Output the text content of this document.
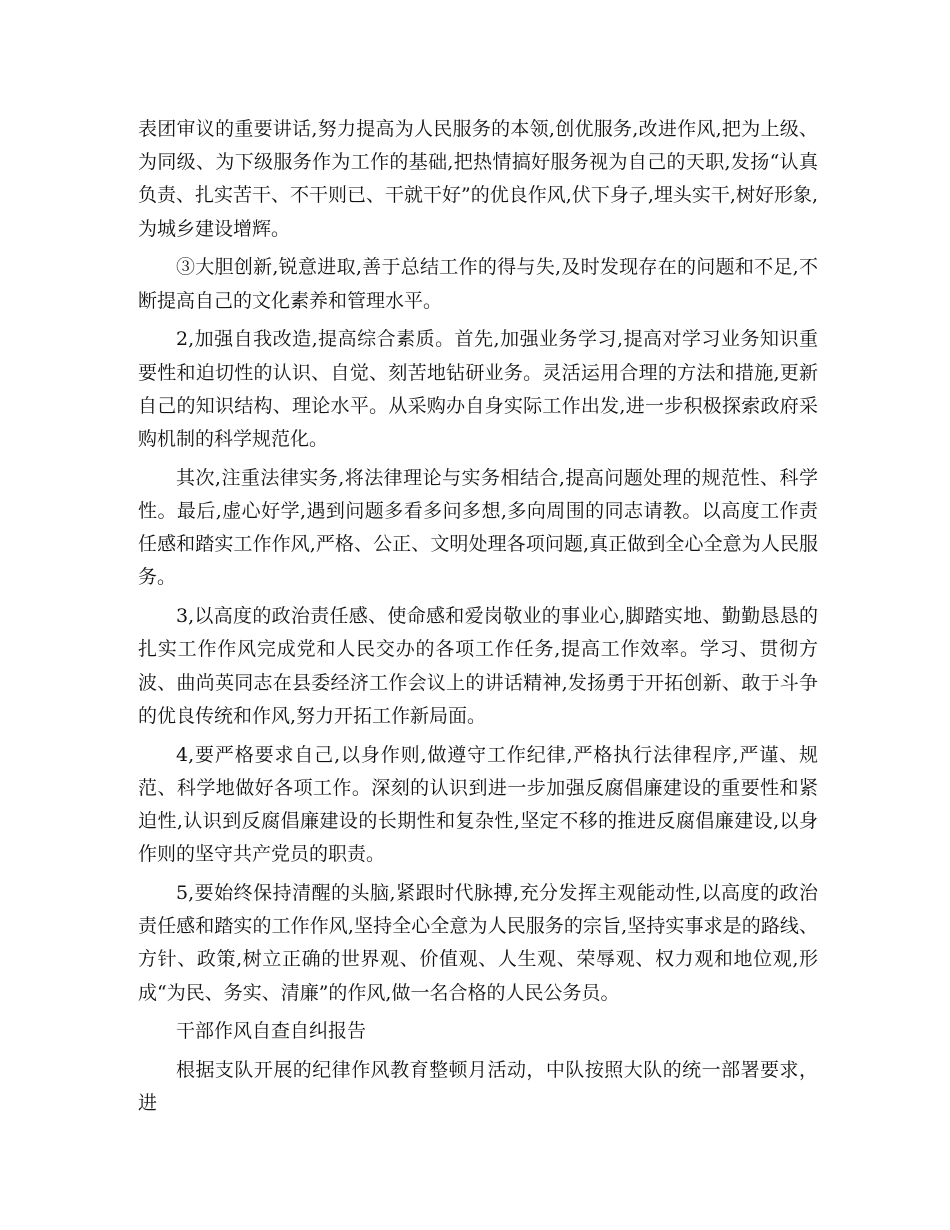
表团审议的重要讲话,努力提高为人民服务的本领,创优服务,改进作风,把为上级、为同级、为下级服务作为工作的基础,把热情搞好服务视为自己的天职,发扬“认真负责、扎实苦干、不干则已、干就干好”的优良作风,伏下身子,埋头实干,树好形象,为城乡建设增辉。

③大胆创新,锐意进取,善于总结工作的得与失,及时发现存在的问题和不足,不断提高自己的文化素养和管理水平。

2,加强自我改造,提高综合素质。首先,加强业务学习,提高对学习业务知识重要性和迫切性的认识、自觉、刻苦地钻研业务。灵活运用合理的方法和措施,更新自己的知识结构、理论水平。从采购办自身实际工作出发,进一步积极探索政府采购机制的科学规范化。

其次,注重法律实务,将法律理论与实务相结合,提高问题处理的规范性、科学性。最后,虚心好学,遇到问题多看多问多想,多向周围的同志请教。以高度工作责任感和踏实工作作风,严格、公正、文明处理各项问题,真正做到全心全意为人民服务。

3,以高度的政治责任感、使命感和爱岗敬业的事业心,脚踏实地、勤勤恳恳的扎实工作作风完成党和人民交办的各项工作任务,提高工作效率。学习、贯彻方波、曲尚英同志在县委经济工作会议上的讲话精神,发扬勇于开拓创新、敢于斗争的优良传统和作风,努力开拓工作新局面。

4,要严格要求自己,以身作则,做遵守工作纪律,严格执行法律程序,严谨、规范、科学地做好各项工作。深刻的认识到进一步加强反腐倡廉建设的重要性和紧迫性,认识到反腐倡廉建设的长期性和复杂性,坚定不移的推进反腐倡廉建设,以身作则的坚守共产党员的职责。

5,要始终保持清醒的头脑,紧跟时代脉搏,充分发挥主观能动性,以高度的政治责任感和踏实的工作作风,坚持全心全意为人民服务的宗旨,坚持实事求是的路线、方针、政策,树立正确的世界观、价值观、人生观、荣辱观、权力观和地位观,形成“为民、务实、清廉”的作风,做一名合格的人民公务员。

干部作风自查自纠报告

根据支队开展的纪律作风教育整顿月活动，中队按照大队的统一部署要求，进
